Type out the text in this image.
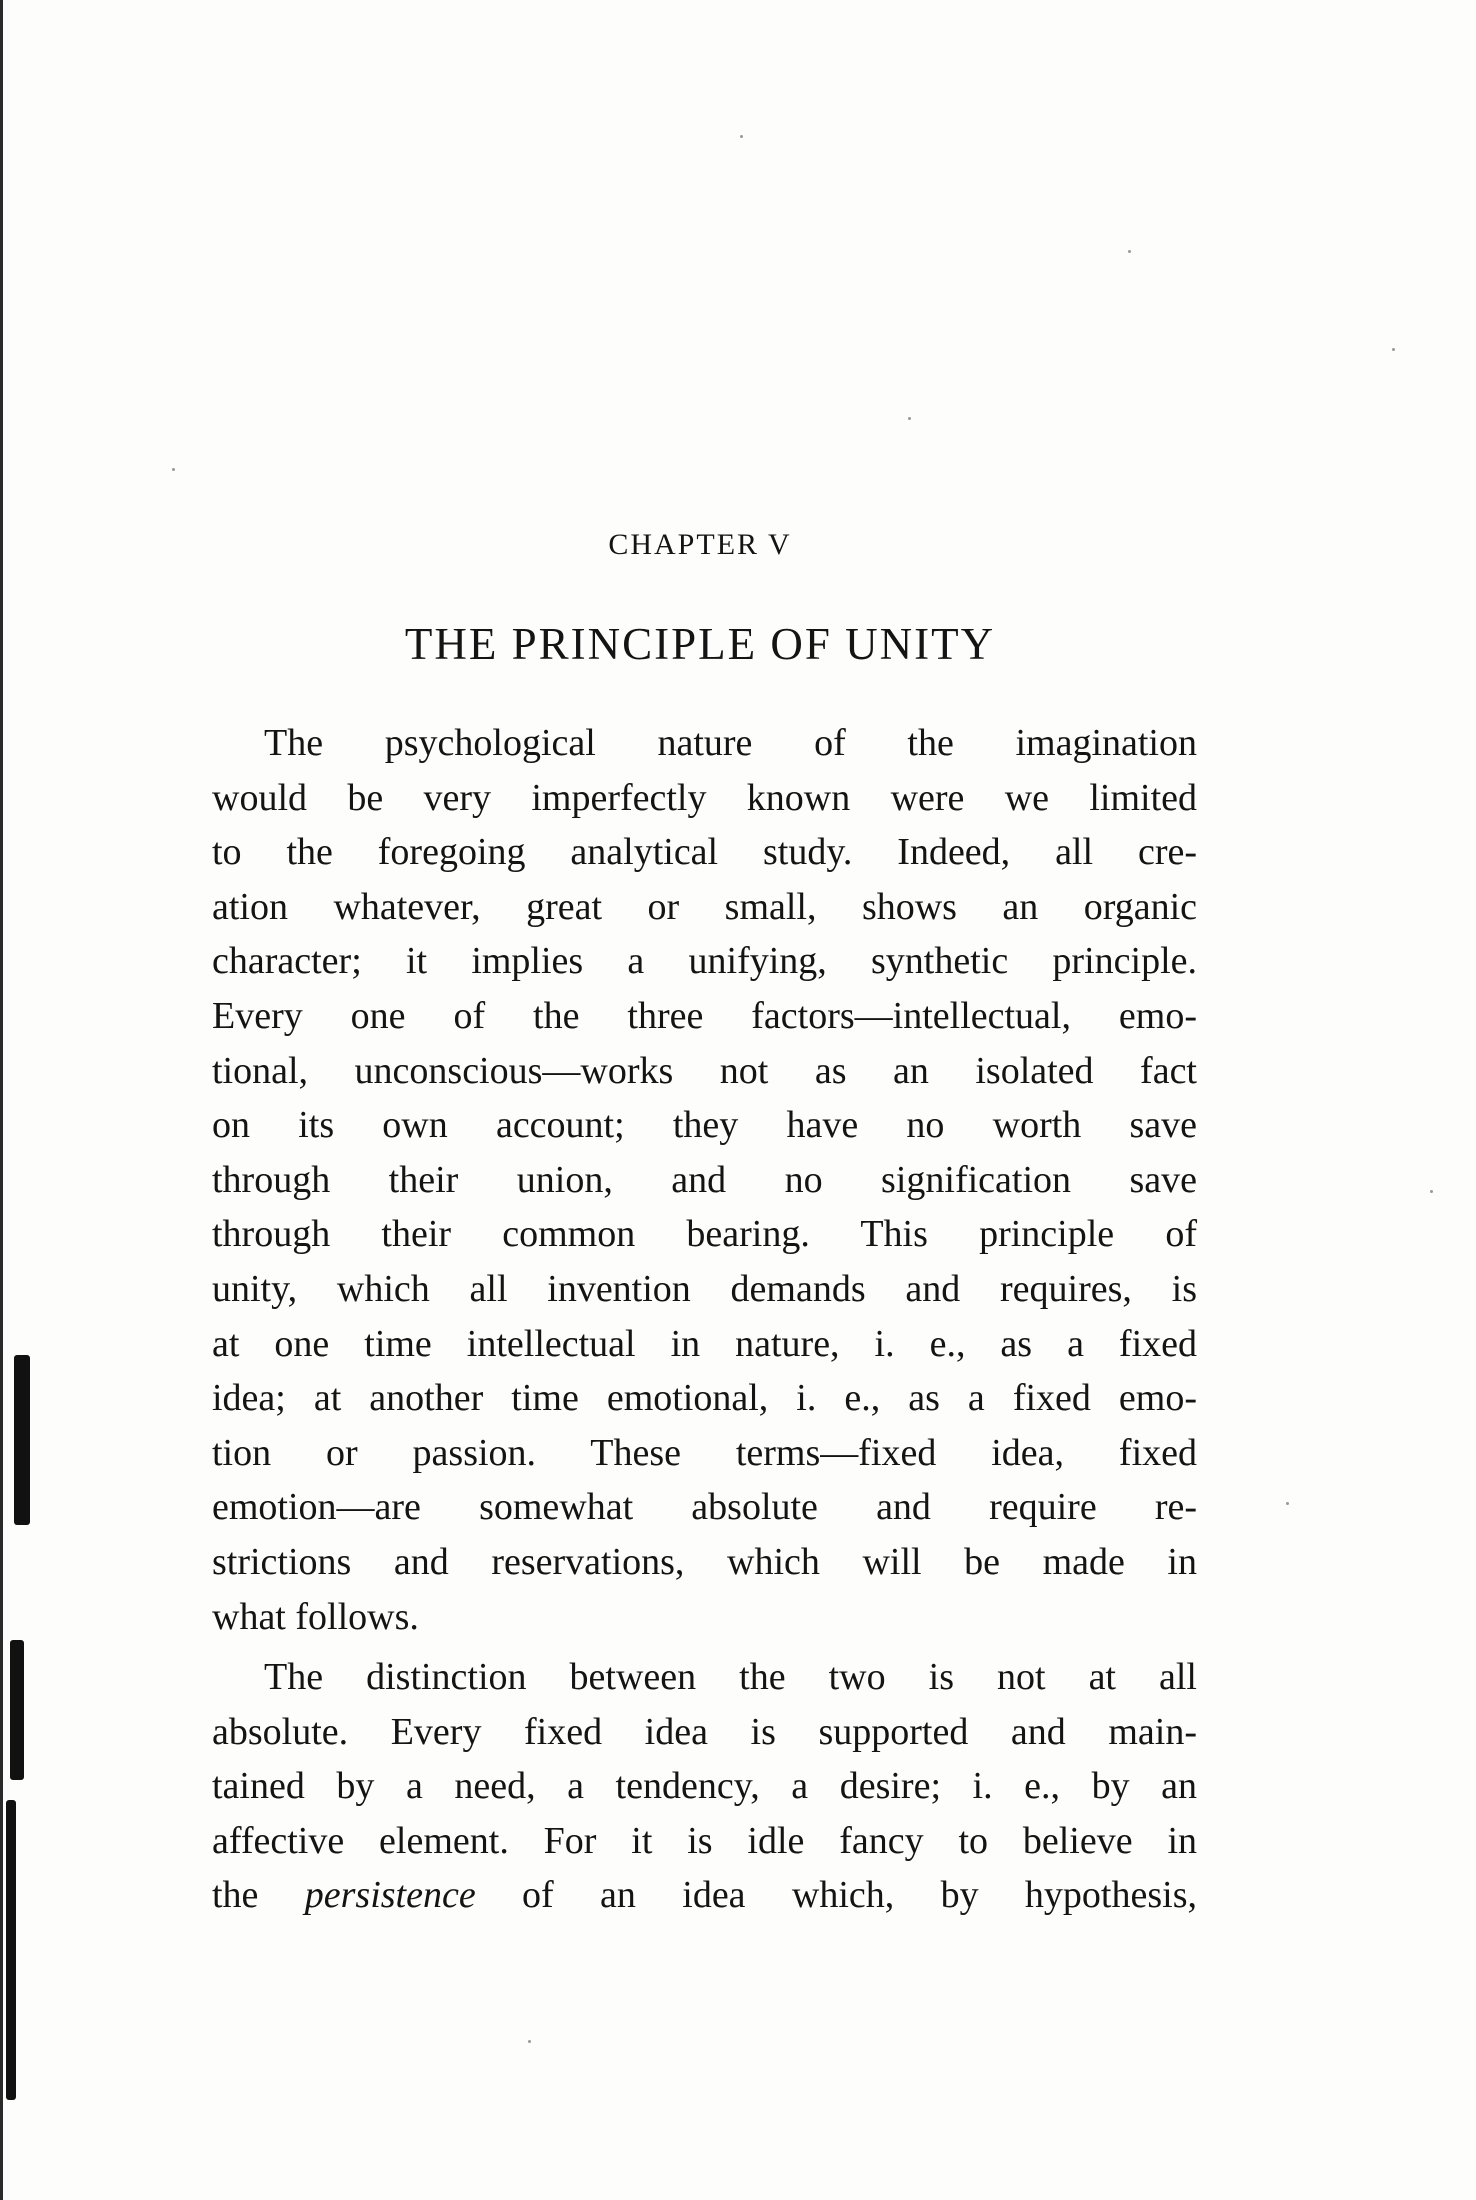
CHAPTER V
THE PRINCIPLE OF UNITY
The psychological nature of the imagination
would be very imperfectly known were we limited
to the foregoing analytical study. Indeed, all cre-
ation whatever, great or small, shows an organic
character; it implies a unifying, synthetic principle.
Every one of the three factors—intellectual, emo-
tional, unconscious—works not as an isolated fact
on its own account; they have no worth save
through their union, and no signification save
through their common bearing. This principle of
unity, which all invention demands and requires, is
at one time intellectual in nature, i. e., as a fixed
idea; at another time emotional, i. e., as a fixed emo-
tion or passion. These terms—fixed idea, fixed
emotion—are somewhat absolute and require re-
strictions and reservations, which will be made in
what follows.
The distinction between the two is not at all
absolute. Every fixed idea is supported and main-
tained by a need, a tendency, a desire; i. e., by an
affective element. For it is idle fancy to believe in
the persistence of an idea which, by hypothesis,
